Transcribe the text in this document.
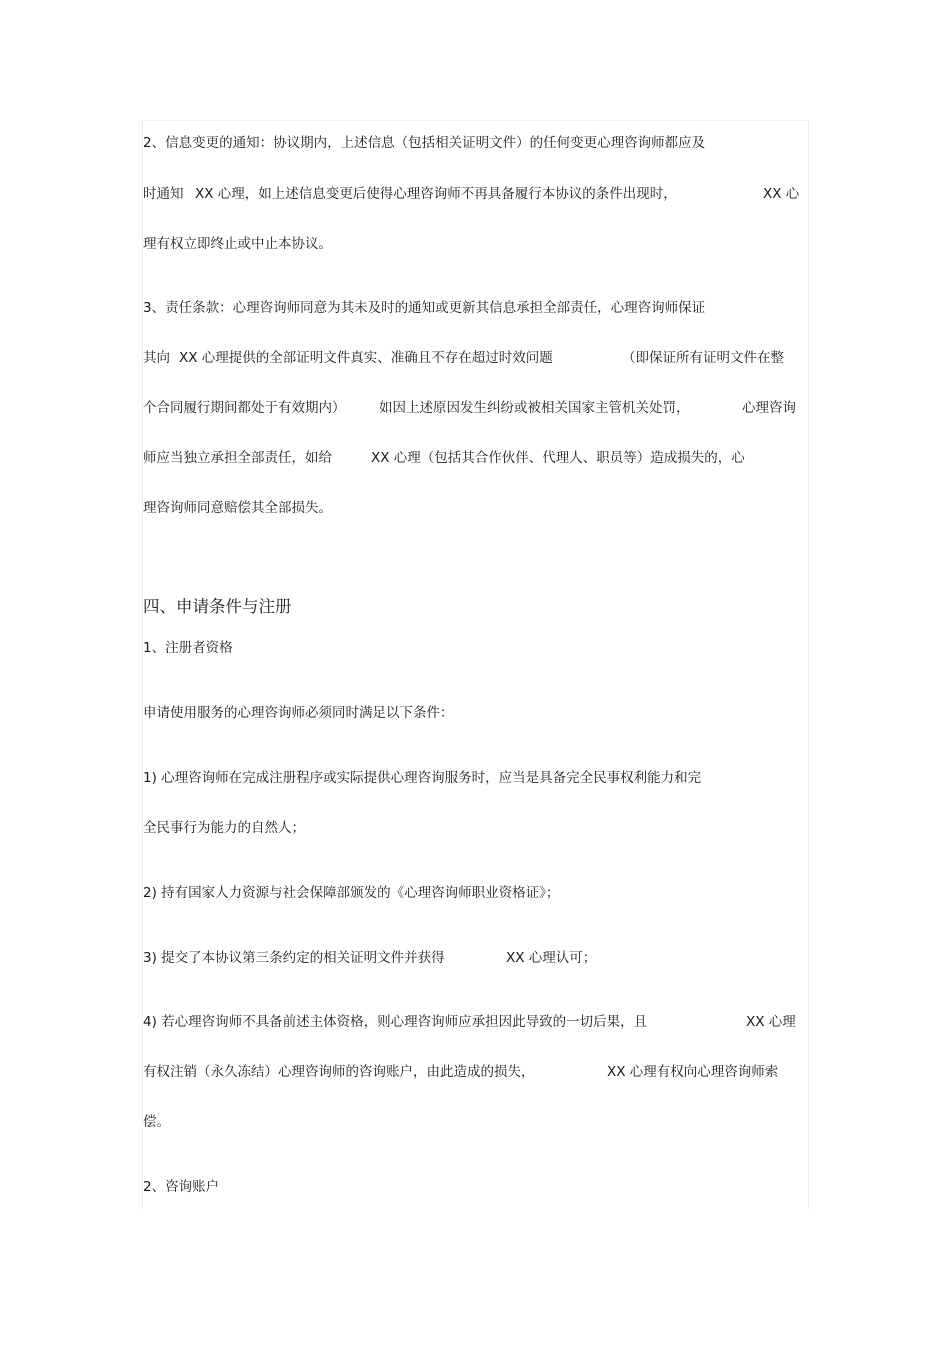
2、信息变更的通知：协议期内，上述信息（包括相关证明文件）的任何变更心理咨询师都应及
时通知 XX 心理，如上述信息变更后使得心理咨询师不再具备履行本协议的条件出现时，	XX 心
理有权立即终止或中止本协议。
3、责任条款：心理咨询师同意为其未及时的通知或更新其信息承担全部责任，心理咨询师保证
其向 XX 心理提供的全部证明文件真实、准确且不存在超过时效问题	（即保证所有证明文件在整
个合同履行期间都处于有效期内） 如因上述原因发生纠纷或被相关国家主管机关处罚，	心理咨询
师应当独立承担全部责任，如给	XX 心理（包括其合作伙伴、代理人、职员等）造成损失的，心
理咨询师同意赔偿其全部损失。
四、申请条件与注册
1、注册者资格
申请使用服务的心理咨询师必须同时满足以下条件：
1) 心理咨询师在完成注册程序或实际提供心理咨询服务时，应当是具备完全民事权利能力和完
全民事行为能力的自然人；
2) 持有国家人力资源与社会保障部颁发的《心理咨询师职业资格证》；
3) 提交了本协议第三条约定的相关证明文件并获得	XX 心理认可；
4) 若心理咨询师不具备前述主体资格，则心理咨询师应承担因此导致的一切后果，且	XX 心理
有权注销（永久冻结）心理咨询师的咨询账户，由此造成的损失，	XX 心理有权向心理咨询师索
偿。
2、咨询账户
